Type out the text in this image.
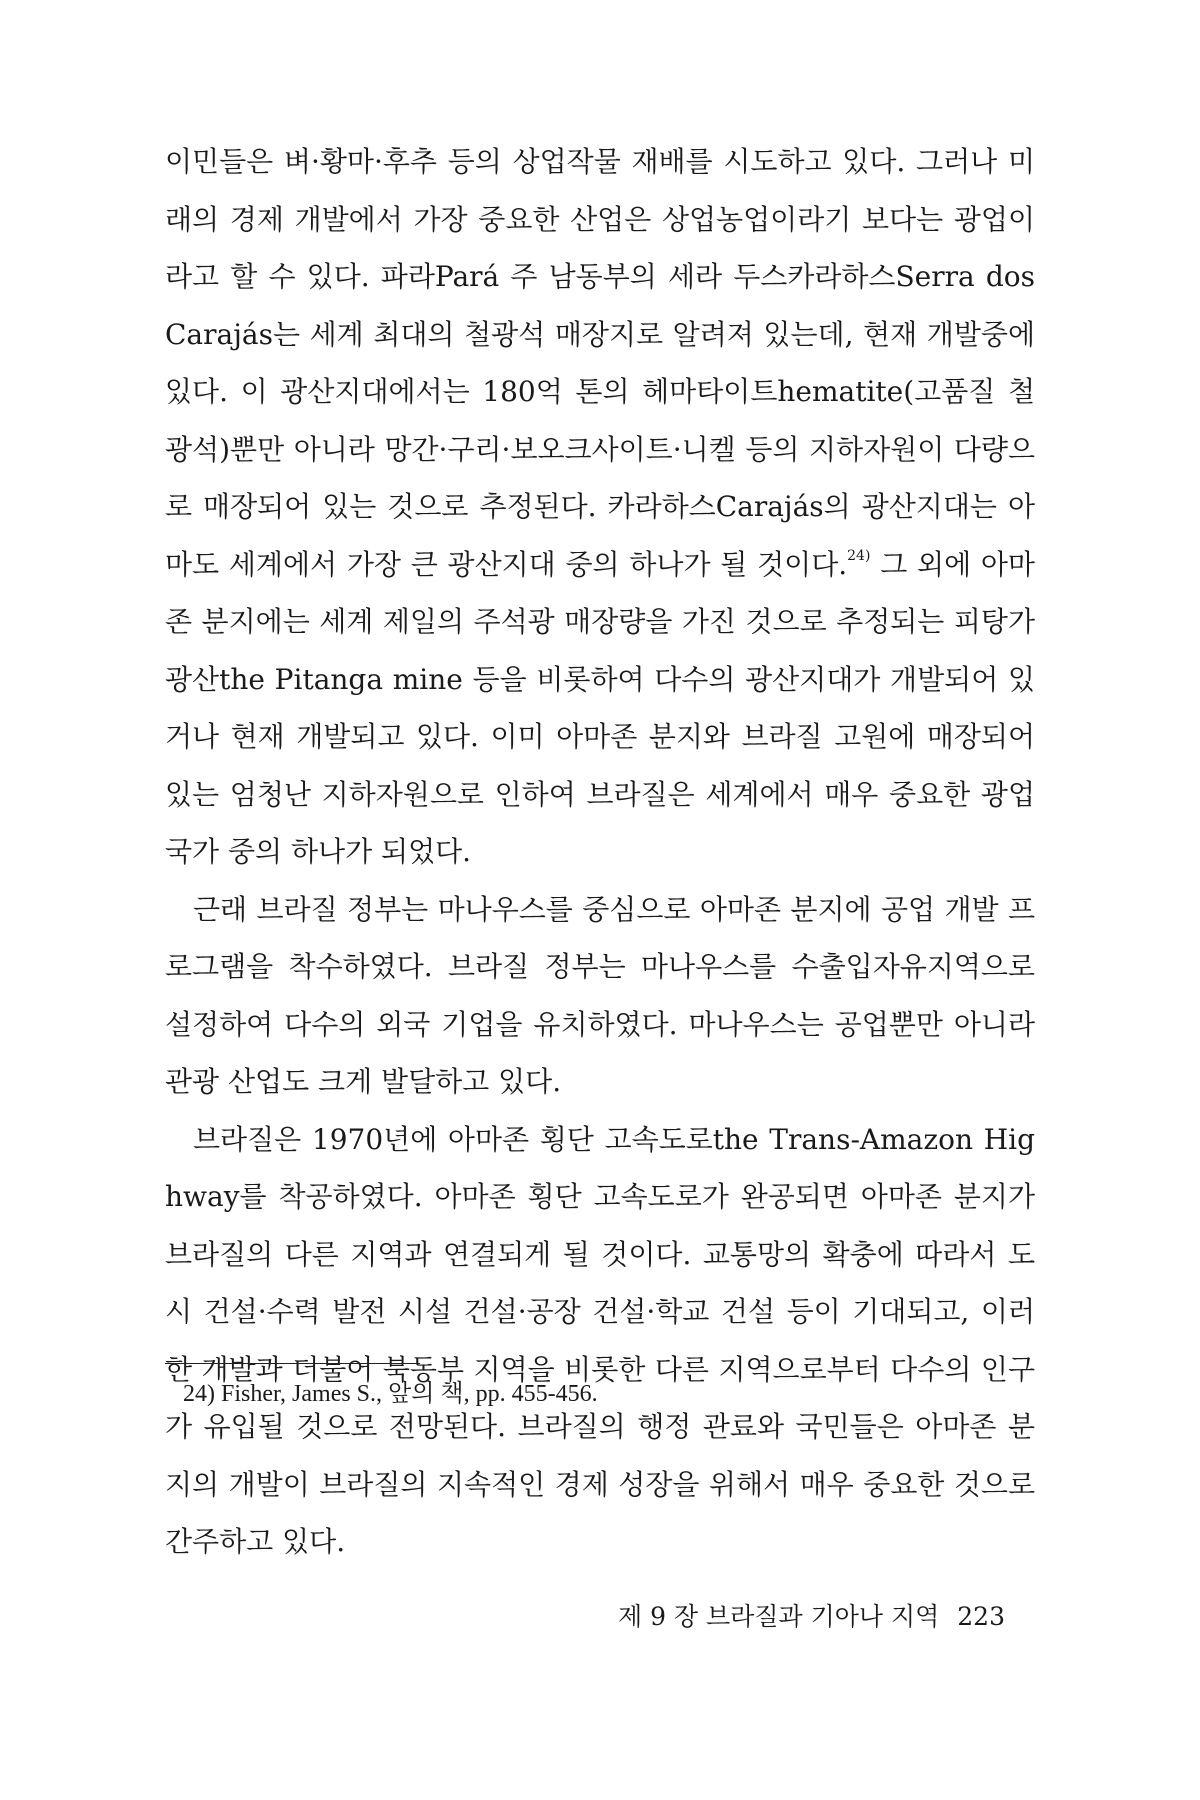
이민들은 벼·황마·후추 등의 상업작물 재배를 시도하고 있다. 그러나 미래의 경제 개발에서 가장 중요한 산업은 상업농업이라기 보다는 광업이라고 할 수 있다. 파라Pará 주 남동부의 세라 두스카라하스Serra dos Carajás는 세계 최대의 철광석 매장지로 알려져 있는데, 현재 개발중에 있다. 이 광산지대에서는 180억 톤의 헤마타이트hematite(고품질 철광석)뿐만 아니라 망간·구리·보오크사이트·니켈 등의 지하자원이 다량으로 매장되어 있는 것으로 추정된다. 카라하스Carajás의 광산지대는 아마도 세계에서 가장 큰 광산지대 중의 하나가 될 것이다.$^{24)}$ 그 외에 아마존 분지에는 세계 제일의 주석광 매장량을 가진 것으로 추정되는 피탕가 광산the Pitanga mine 등을 비롯하여 다수의 광산지대가 개발되어 있거나 현재 개발되고 있다. 이미 아마존 분지와 브라질 고원에 매장되어 있는 엄청난 지하자원으로 인하여 브라질은 세계에서 매우 중요한 광업 국가 중의 하나가 되었다.

근래 브라질 정부는 마나우스를 중심으로 아마존 분지에 공업 개발 프로그램을 착수하였다. 브라질 정부는 마나우스를 수출입자유지역으로 설정하여 다수의 외국 기업을 유치하였다. 마나우스는 공업뿐만 아니라 관광 산업도 크게 발달하고 있다.

브라질은 1970년에 아마존 횡단 고속도로the Trans-Amazon Highway를 착공하였다. 아마존 횡단 고속도로가 완공되면 아마존 분지가 브라질의 다른 지역과 연결되게 될 것이다. 교통망의 확충에 따라서 도시 건설·수력 발전 시설 건설·공장 건설·학교 건설 등이 기대되고, 이러한 개발과 더불어 북동부 지역을 비롯한 다른 지역으로부터 다수의 인구가 유입될 것으로 전망된다. 브라질의 행정 관료와 국민들은 아마존 분지의 개발이 브라질의 지속적인 경제 성장을 위해서 매우 중요한 것으로 간주하고 있다.

24) Fisher, James S., 앞의 책, pp. 455-456.
제 9 장 브라질과 기아나 지역 223
